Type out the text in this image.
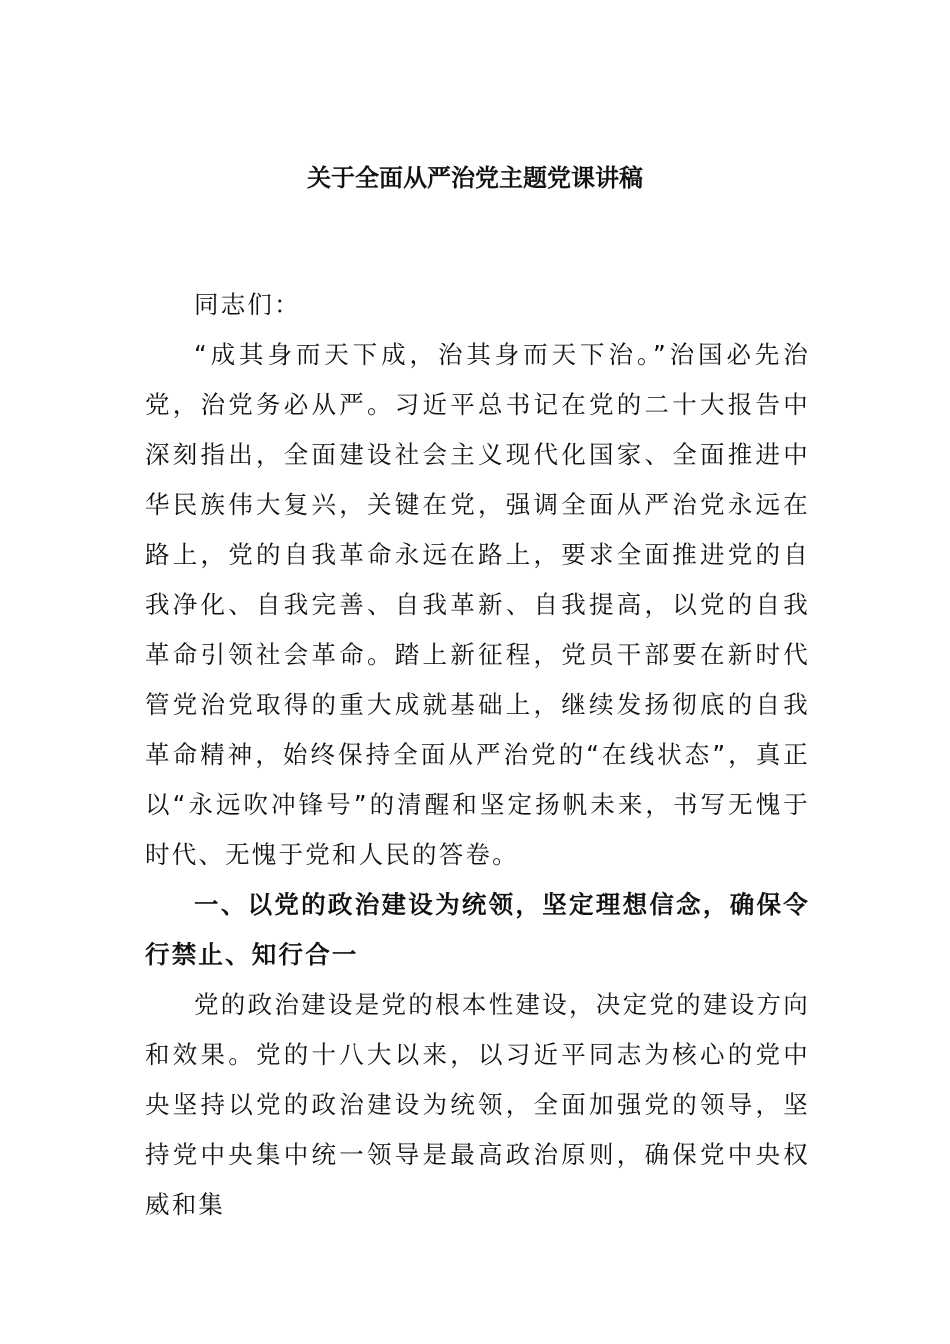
关于全面从严治党主题党课讲稿

同志们：

“成其身而天下成，治其身而天下治。”治国必先治党，治党务必从严。习近平总书记在党的二十大报告中深刻指出，全面建设社会主义现代化国家、全面推进中华民族伟大复兴，关键在党，强调全面从严治党永远在路上，党的自我革命永远在路上，要求全面推进党的自我净化、自我完善、自我革新、自我提高，以党的自我革命引领社会革命。踏上新征程，党员干部要在新时代管党治党取得的重大成就基础上，继续发扬彻底的自我革命精神，始终保持全面从严治党的“在线状态”，真正以“永远吹冲锋号”的清醒和坚定扬帆未来，书写无愧于时代、无愧于党和人民的答卷。

一、以党的政治建设为统领，坚定理想信念，确保令行禁止、知行合一

党的政治建设是党的根本性建设，决定党的建设方向和效果。党的十八大以来，以习近平同志为核心的党中央坚持以党的政治建设为统领，全面加强党的领导，坚持党中央集中统一领导是最高政治原则，确保党中央权威和集
